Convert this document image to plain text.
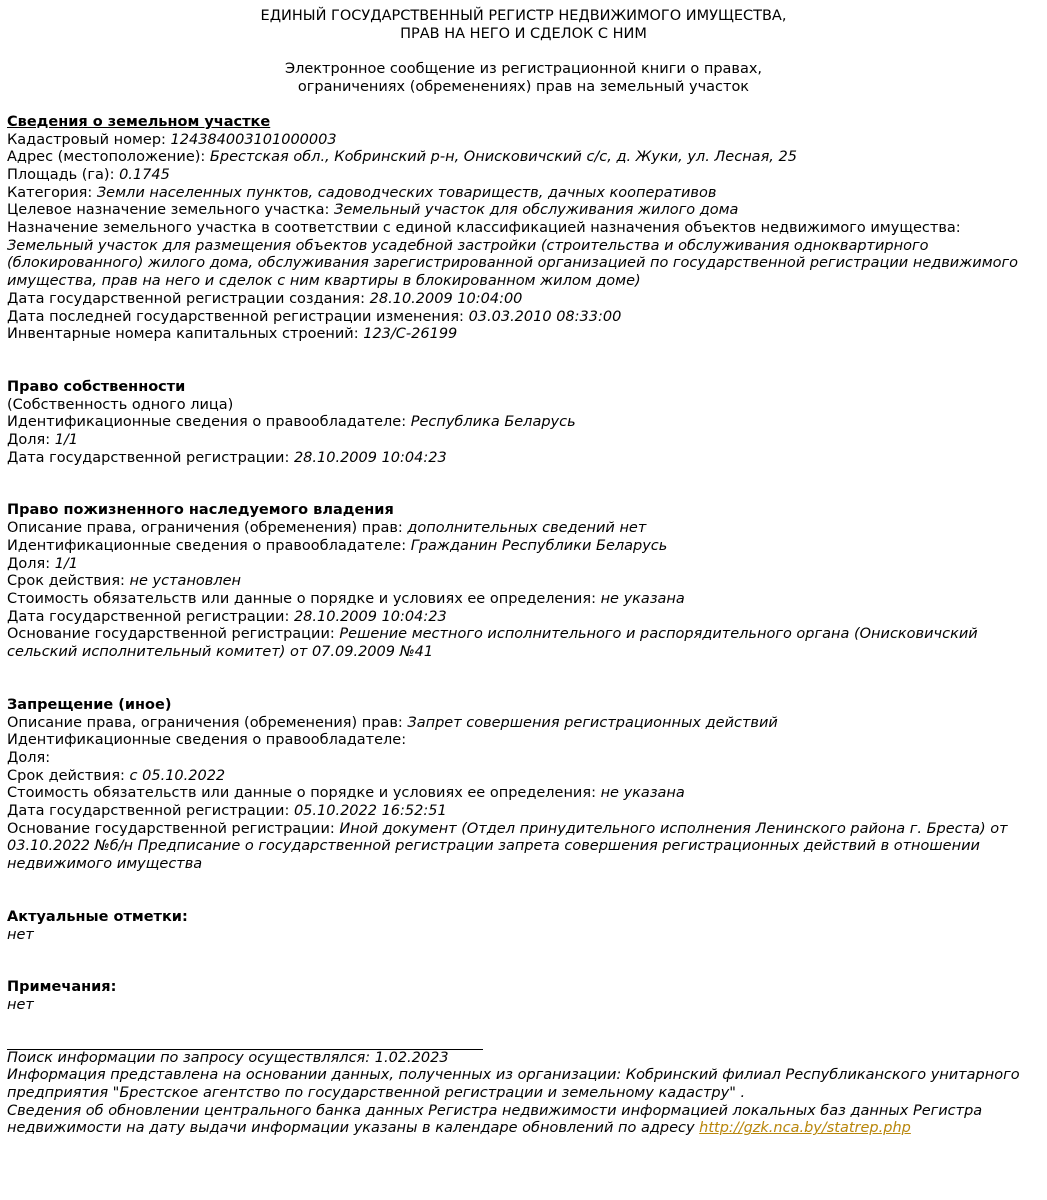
ЕДИНЫЙ ГОСУДАРСТВЕННЫЙ РЕГИСТР НЕДВИЖИМОГО ИМУЩЕСТВА,

ПРАВ НА НЕГО И СДЕЛОК С НИМ

Электронное сообщение из регистрационной книги о правах,

ограничениях (обременениях) прав на земельный участок

Сведения о земельном участке
Кадастровый номер: 124384003101000003
Адрес (местоположение): Брестская обл., Кобринский р-н, Онисковичский с/с, д. Жуки, ул. Лесная, 25
Площадь (га): 0.1745
Категория: Земли населенных пунктов, садоводческих товариществ, дачных кооперативов
Целевое назначение земельного участка: Земельный участок для обслуживания жилого дома
Назначение земельного участка в соответствии с единой классификацией назначения объектов недвижимого имущества:
Земельный участок для размещения объектов усадебной застройки (строительства и обслуживания одноквартирного (блокированного) жилого дома, обслуживания зарегистрированной организацией по государственной регистрации недвижимого имущества, прав на него и сделок с ним квартиры в блокированном жилом доме)
Дата государственной регистрации создания: 28.10.2009 10:04:00
Дата последней государственной регистрации изменения: 03.03.2010 08:33:00
Инвентарные номера капитальных строений: 123/C-26199
Право собственности
(Собственность одного лица)
Идентификационные сведения о правообладателе: Республика Беларусь
Доля: 1/1
Дата государственной регистрации: 28.10.2009 10:04:23
Право пожизненного наследуемого владения
Описание права, ограничения (обременения) прав: дополнительных сведений нет
Идентификационные сведения о правообладателе: Гражданин Республики Беларусь
Доля: 1/1
Срок действия: не установлен
Стоимость обязательств или данные о порядке и условиях ее определения: не указана
Дата государственной регистрации: 28.10.2009 10:04:23
Основание государственной регистрации: Решение местного исполнительного и распорядительного органа (Онисковичский сельский исполнительный комитет) от 07.09.2009 №41
Запрещение (иное)
Описание права, ограничения (обременения) прав: Запрет совершения регистрационных действий
Идентификационные сведения о правообладателе:
Доля:
Срок действия: с 05.10.2022
Стоимость обязательств или данные о порядке и условиях ее определения: не указана
Дата государственной регистрации: 05.10.2022 16:52:51
Основание государственной регистрации: Иной документ (Отдел принудительного исполнения Ленинского района г. Бреста) от 03.10.2022 №б/н Предписание о государственной регистрации запрета совершения регистрационных действий в отношении недвижимого имущества
Актуальные отметки:
нет
Примечания:
нет
Поиск информации по запросу осуществлялся: 1.02.2023
Информация представлена на основании данных, полученных из организации: Кобринский филиал Республиканского унитарного предприятия "Брестское агентство по государственной регистрации и земельному кадастру" .
Сведения об обновлении центрального банка данных Регистра недвижимости информацией локальных баз данных Регистра недвижимости на дату выдачи информации указаны в календаре обновлений по адресу http://gzk.nca.by/statrep.php
